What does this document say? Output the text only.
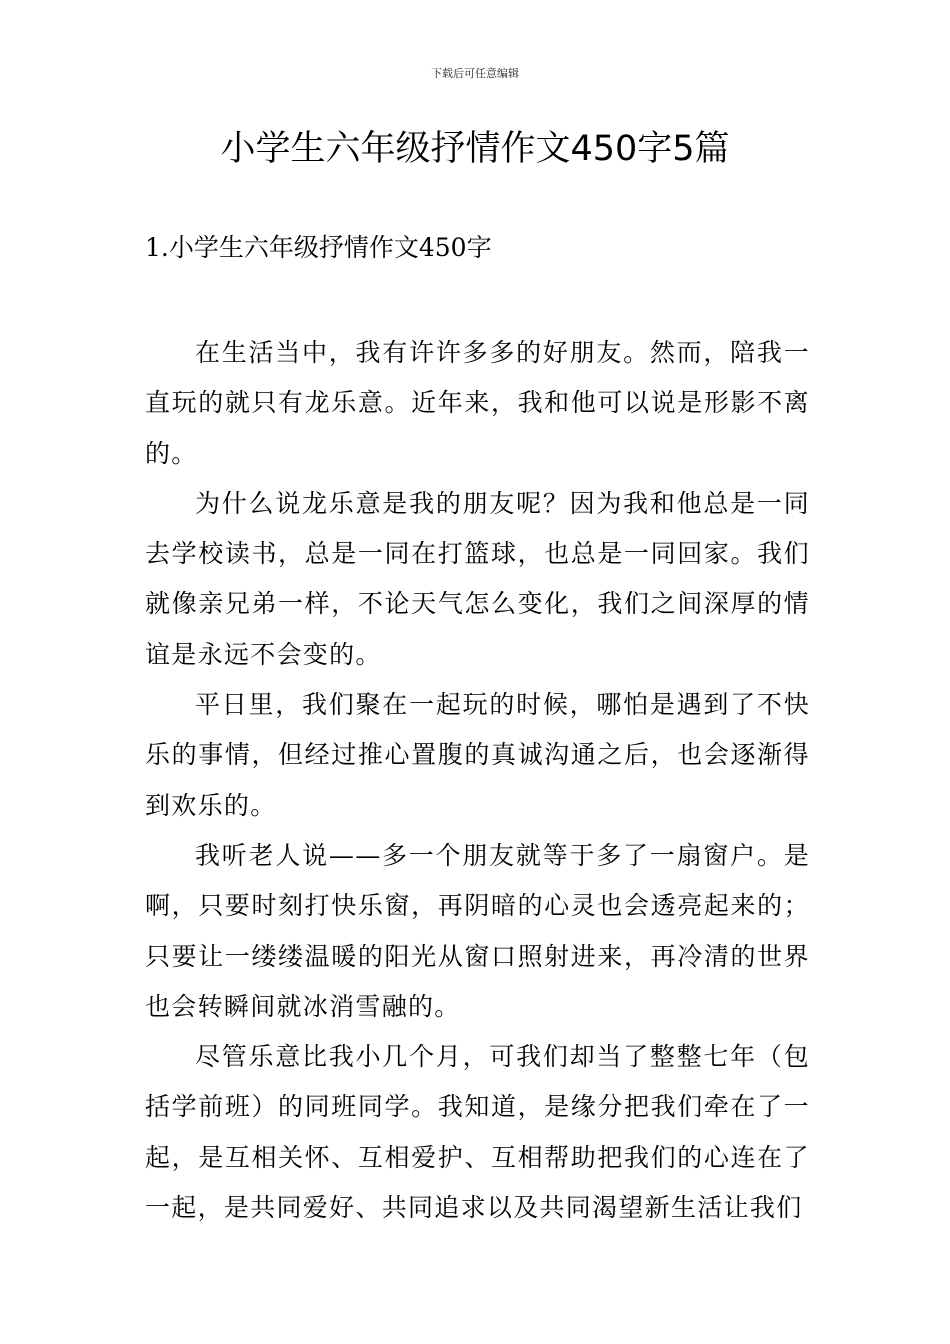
下载后可任意编辑
小学生六年级抒情作文450字5篇
1.小学生六年级抒情作文450字

在生活当中，我有许许多多的好朋友。然而，陪我一直玩的就只有龙乐意。近年来，我和他可以说是形影不离的。

为什么说龙乐意是我的朋友呢？因为我和他总是一同去学校读书，总是一同在打篮球，也总是一同回家。我们就像亲兄弟一样，不论天气怎么变化，我们之间深厚的情谊是永远不会变的。

平日里，我们聚在一起玩的时候，哪怕是遇到了不快乐的事情，但经过推心置腹的真诚沟通之后，也会逐渐得到欢乐的。

我听老人说——多一个朋友就等于多了一扇窗户。是啊，只要时刻打快乐窗，再阴暗的心灵也会透亮起来的；只要让一缕缕温暖的阳光从窗口照射进来，再冷清的世界也会转瞬间就冰消雪融的。

尽管乐意比我小几个月，可我们却当了整整七年（包括学前班）的同班同学。我知道，是缘分把我们牵在了一起，是互相关怀、互相爱护、互相帮助把我们的心连在了一起，是共同爱好、共同追求以及共同渴望新生活让我们
